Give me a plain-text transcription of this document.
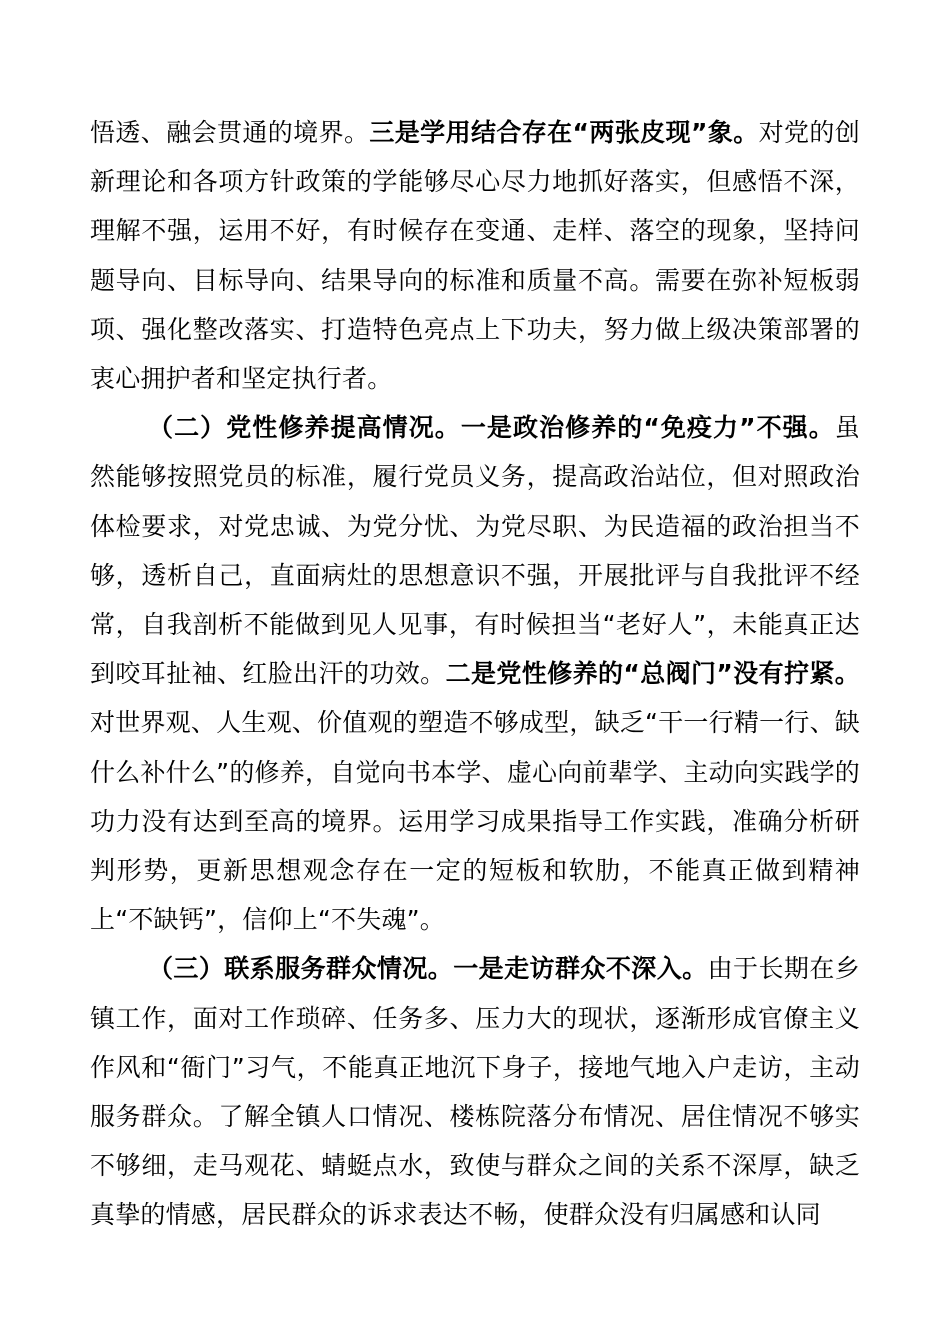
悟透、融会贯通的境界。三是学用结合存在“两张皮现”象。对党的创新理论和各项方针政策的学能够尽心尽力地抓好落实，但感悟不深，理解不强，运用不好，有时候存在变通、走样、落空的现象，坚持问题导向、目标导向、结果导向的标准和质量不高。需要在弥补短板弱项、强化整改落实、打造特色亮点上下功夫，努力做上级决策部署的衷心拥护者和坚定执行者。

（二）党性修养提高情况。一是政治修养的“免疫力”不强。虽然能够按照党员的标准，履行党员义务，提高政治站位，但对照政治体检要求，对党忠诚、为党分忧、为党尽职、为民造福的政治担当不够，透析自己，直面病灶的思想意识不强，开展批评与自我批评不经常，自我剖析不能做到见人见事，有时候担当“老好人”，未能真正达到咬耳扯袖、红脸出汗的功效。二是党性修养的“总阀门”没有拧紧。对世界观、人生观、价值观的塑造不够成型，缺乏“干一行精一行、缺什么补什么”的修养，自觉向书本学、虚心向前辈学、主动向实践学的功力没有达到至高的境界。运用学习成果指导工作实践，准确分析研判形势，更新思想观念存在一定的短板和软肋，不能真正做到精神上“不缺钙”，信仰上“不失魂”。

（三）联系服务群众情况。一是走访群众不深入。由于长期在乡镇工作，面对工作琐碎、任务多、压力大的现状，逐渐形成官僚主义作风和“衙门”习气，不能真正地沉下身子，接地气地入户走访，主动服务群众。了解全镇人口情况、楼栋院落分布情况、居住情况不够实不够细，走马观花、蜻蜓点水，致使与群众之间的关系不深厚，缺乏真挚的情感，居民群众的诉求表达不畅，使群众没有归属感和认同
